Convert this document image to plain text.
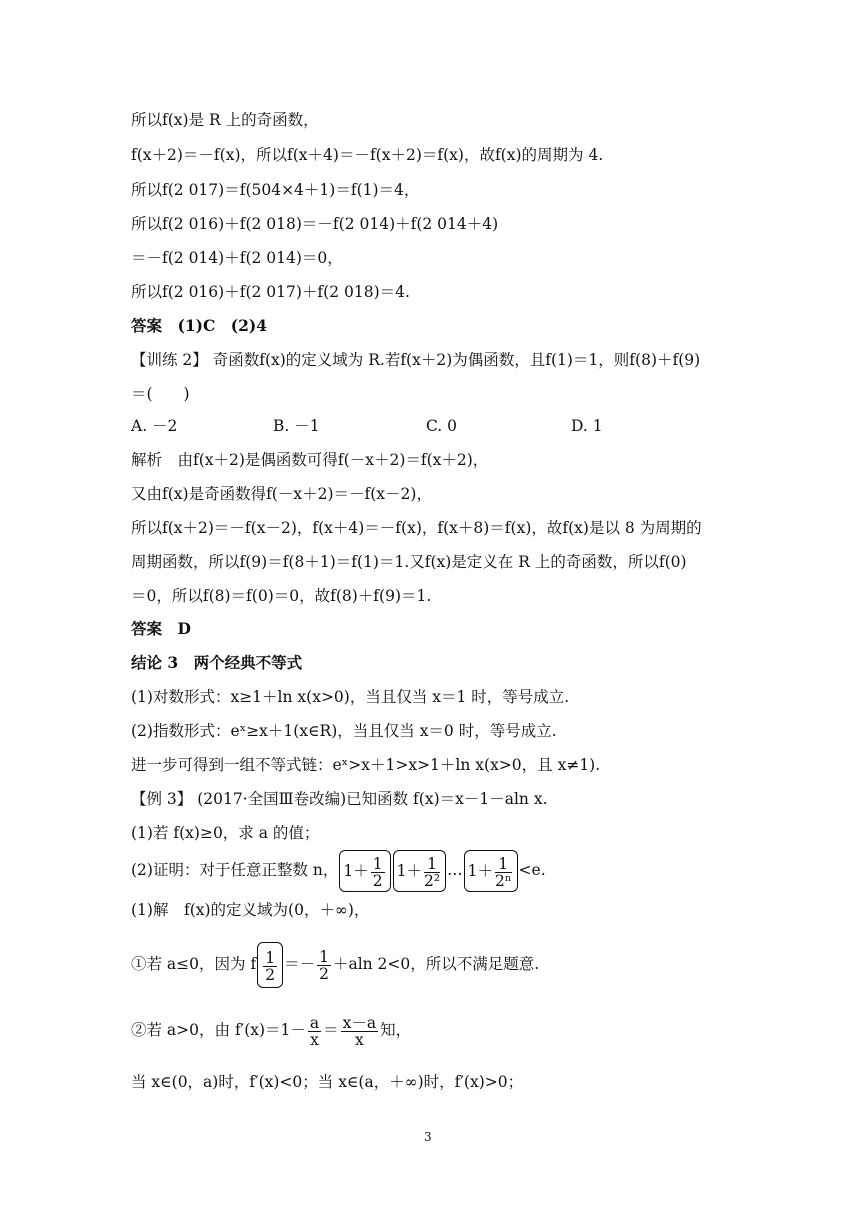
所以f(x)是 R 上的奇函数，
f(x＋2)＝－f(x)，所以f(x＋4)＝－f(x＋2)＝f(x)，故f(x)的周期为 4.
所以f(2 017)＝f(504×4＋1)＝f(1)＝4，
所以f(2 016)＋f(2 018)＝－f(2 014)＋f(2 014＋4)
＝－f(2 014)＋f(2 014)＝0，
所以f(2 016)＋f(2 017)＋f(2 018)＝4.
答案　(1)C　(2)4
【训练 2】 奇函数f(x)的定义域为 R.若f(x＋2)为偶函数，且f(1)＝1，则f(8)＋f(9)
＝(　　)
A. －2	B. －1	C. 0	D. 1
解析　由f(x＋2)是偶函数可得f(－x＋2)＝f(x＋2)，
又由f(x)是奇函数得f(－x＋2)＝－f(x－2)，
所以f(x＋2)＝－f(x－2)，f(x＋4)＝－f(x)，f(x＋8)＝f(x)，故f(x)是以 8 为周期的
周期函数，所以f(9)＝f(8＋1)＝f(1)＝1.又f(x)是定义在 R 上的奇函数，所以f(0)
＝0，所以f(8)＝f(0)＝0，故f(8)＋f(9)＝1.
答案　D
结论 3　两个经典不等式
(1)对数形式：x≥1＋ln x(x>0)，当且仅当 x＝1 时，等号成立.
(2)指数形式：eˣ≥x＋1(x∈R)，当且仅当 x＝0 时，等号成立.
进一步可得到一组不等式链：eˣ>x＋1>x>1＋ln x(x>0，且 x≠1).
【例 3】 (2017·全国Ⅲ卷改编)已知函数 f(x)＝x－1－aln x.
(1)若 f(x)≥0，求 a 的值；
(2)证明：对于任意正整数 n， $1+ \frac{1}{2} 1+ \frac{1}{\text{2²}}$ … $1+ \frac{1}{\text{2ⁿ}} <e$.
(1)解　f(x)的定义域为(0，＋∞)，
①若 a≤0，因为 f $\frac{1}{2} =- \frac{1}{2} +aln$ 2<0，所以不满足题意.
②若 a>0，由 $f'(x)=1- \frac{a}{x} = \frac{x-a}{x}$ 知，
当 x∈(0，a)时，f′(x)<0；当 x∈(a，＋∞)时，f′(x)>0；
3
